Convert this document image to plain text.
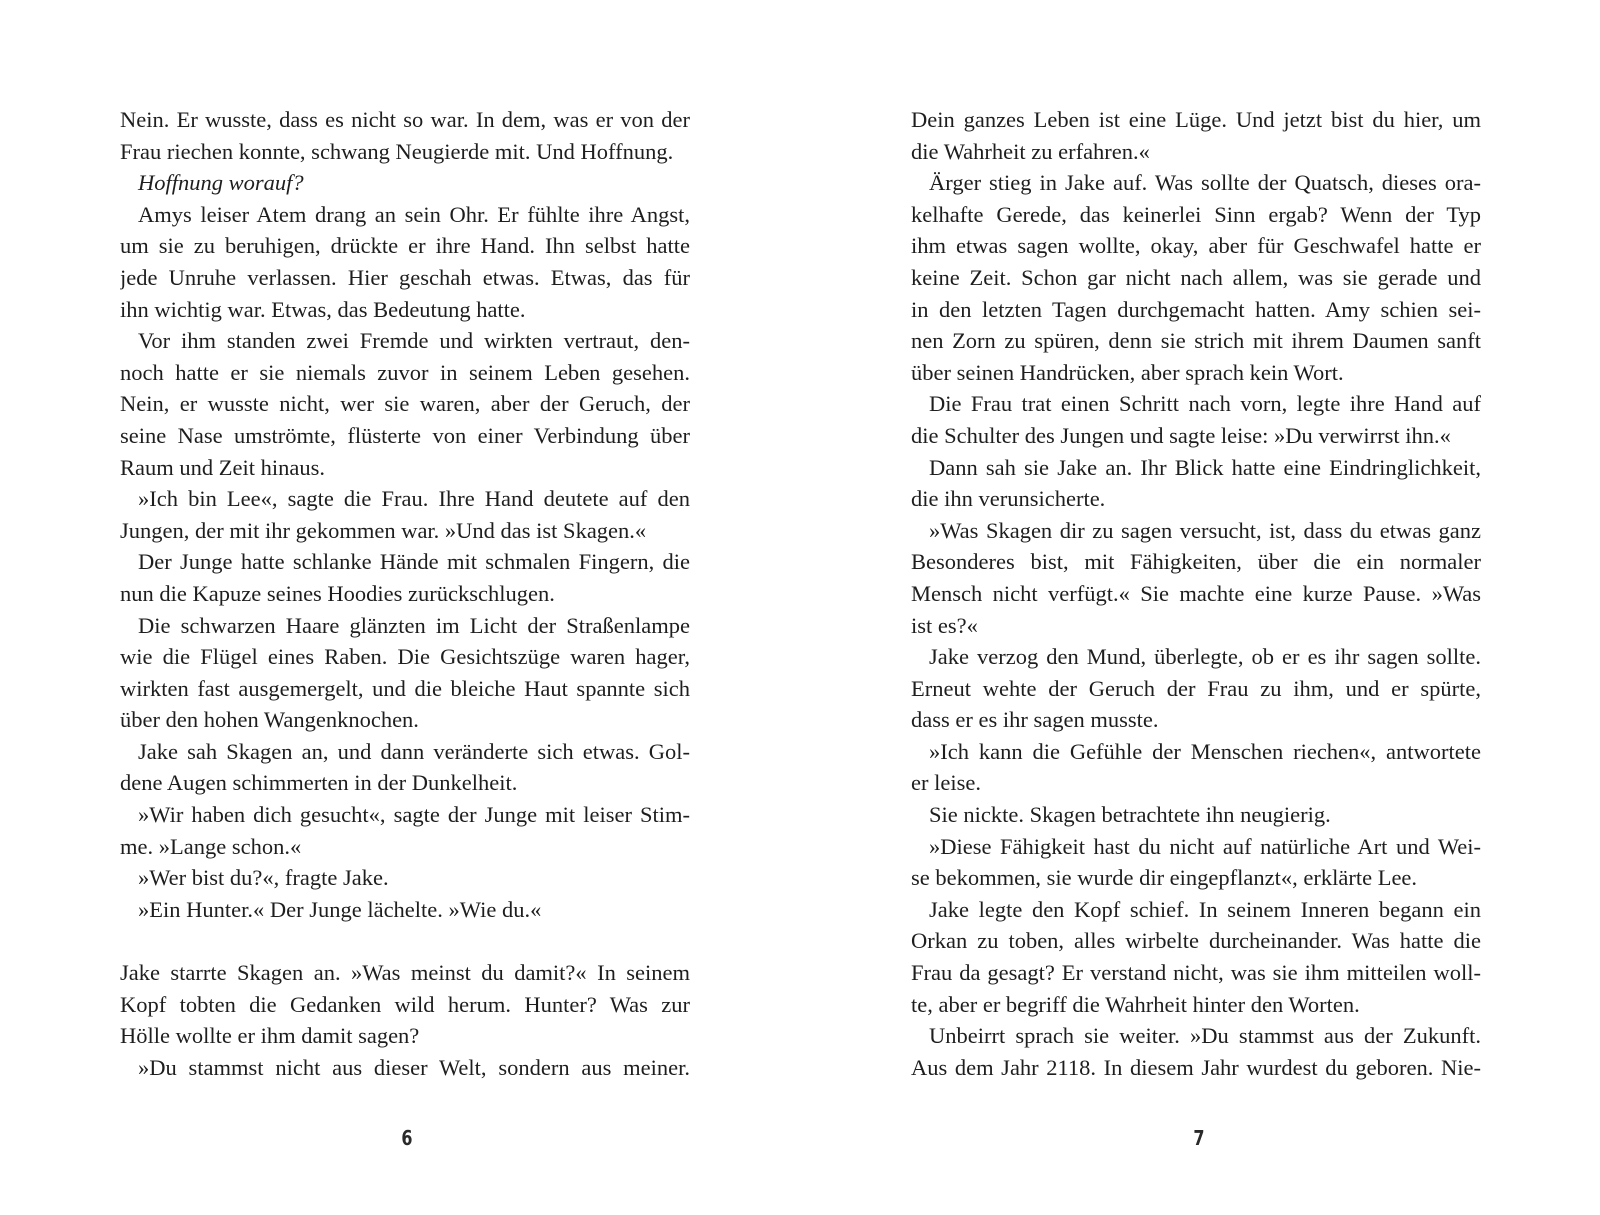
Nein. Er wusste, dass es nicht so war. In dem, was er von der
Frau riechen konnte, schwang Neugierde mit. Und Hoffnung.
Hoffnung worauf?
Amys leiser Atem drang an sein Ohr. Er fühlte ihre Angst,
um sie zu beruhigen, drückte er ihre Hand. Ihn selbst hatte
jede Unruhe verlassen. Hier geschah etwas. Etwas, das für
ihn wichtig war. Etwas, das Bedeutung hatte.
Vor ihm standen zwei Fremde und wirkten vertraut, den-
noch hatte er sie niemals zuvor in seinem Leben gesehen.
Nein, er wusste nicht, wer sie waren, aber der Geruch, der
seine Nase umströmte, flüsterte von einer Verbindung über
Raum und Zeit hinaus.
»Ich bin Lee«, sagte die Frau. Ihre Hand deutete auf den
Jungen, der mit ihr gekommen war. »Und das ist Skagen.«
Der Junge hatte schlanke Hände mit schmalen Fingern, die
nun die Kapuze seines Hoodies zurückschlugen.
Die schwarzen Haare glänzten im Licht der Straßenlampe
wie die Flügel eines Raben. Die Gesichtszüge waren hager,
wirkten fast ausgemergelt, und die bleiche Haut spannte sich
über den hohen Wangenknochen.
Jake sah Skagen an, und dann veränderte sich etwas. Gol-
dene Augen schimmerten in der Dunkelheit.
»Wir haben dich gesucht«, sagte der Junge mit leiser Stim-
me. »Lange schon.«
»Wer bist du?«, fragte Jake.
»Ein Hunter.« Der Junge lächelte. »Wie du.«
Jake starrte Skagen an. »Was meinst du damit?« In seinem
Kopf tobten die Gedanken wild herum. Hunter? Was zur
Hölle wollte er ihm damit sagen?
»Du stammst nicht aus dieser Welt, sondern aus meiner.
Dein ganzes Leben ist eine Lüge. Und jetzt bist du hier, um
die Wahrheit zu erfahren.«
Ärger stieg in Jake auf. Was sollte der Quatsch, dieses ora-
kelhafte Gerede, das keinerlei Sinn ergab? Wenn der Typ
ihm etwas sagen wollte, okay, aber für Geschwafel hatte er
keine Zeit. Schon gar nicht nach allem, was sie gerade und
in den letzten Tagen durchgemacht hatten. Amy schien sei-
nen Zorn zu spüren, denn sie strich mit ihrem Daumen sanft
über seinen Handrücken, aber sprach kein Wort.
Die Frau trat einen Schritt nach vorn, legte ihre Hand auf
die Schulter des Jungen und sagte leise: »Du verwirrst ihn.«
Dann sah sie Jake an. Ihr Blick hatte eine Eindringlichkeit,
die ihn verunsicherte.
»Was Skagen dir zu sagen versucht, ist, dass du etwas ganz
Besonderes bist, mit Fähigkeiten, über die ein normaler
Mensch nicht verfügt.« Sie machte eine kurze Pause. »Was
ist es?«
Jake verzog den Mund, überlegte, ob er es ihr sagen sollte.
Erneut wehte der Geruch der Frau zu ihm, und er spürte,
dass er es ihr sagen musste.
»Ich kann die Gefühle der Menschen riechen«, antwortete
er leise.
Sie nickte. Skagen betrachtete ihn neugierig.
»Diese Fähigkeit hast du nicht auf natürliche Art und Wei-
se bekommen, sie wurde dir eingepflanzt«, erklärte Lee.
Jake legte den Kopf schief. In seinem Inneren begann ein
Orkan zu toben, alles wirbelte durcheinander. Was hatte die
Frau da gesagt? Er verstand nicht, was sie ihm mitteilen woll-
te, aber er begriff die Wahrheit hinter den Worten.
Unbeirrt sprach sie weiter. »Du stammst aus der Zukunft.
Aus dem Jahr 2118. In diesem Jahr wurdest du geboren. Nie-
6	7
